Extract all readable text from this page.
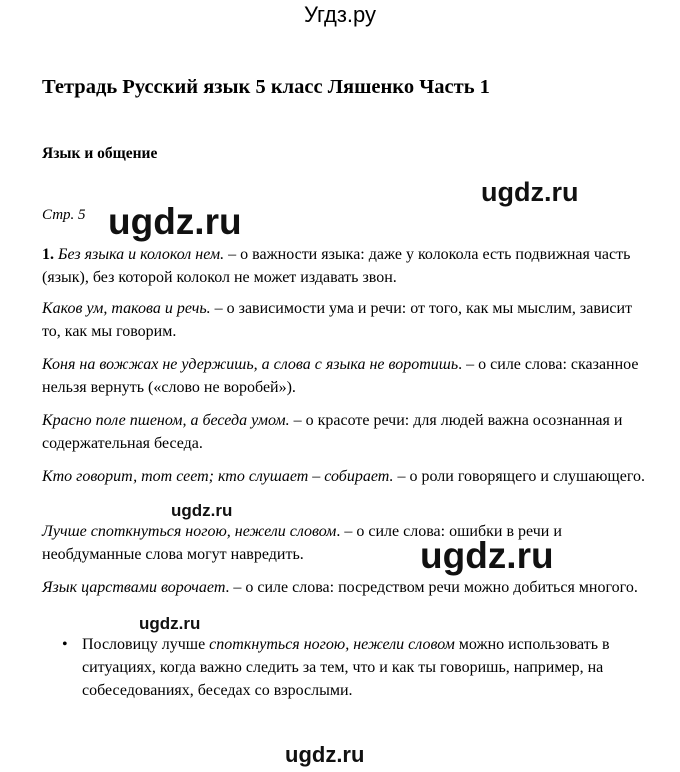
Угдз.ру
Тетрадь Русский язык 5 класс Ляшенко Часть 1
Язык и общение
ugdz.ru
ugdz.ru
Стр. 5

1. Без языка и колокол нем. – о важности языка: даже у колокола есть подвижная часть (язык), без которой колокол не может издавать звон.

Каков ум, такова и речь. – о зависимости ума и речи: от того, как мы мыслим, зависит то, как мы говорим.

Коня на вожжах не удержишь, а слова с языка не воротишь. – о силе слова: сказанное нельзя вернуть («слово не воробей»).

Красно поле пшеном, а беседа умом. – о красоте речи: для людей важна осознанная и содержательная беседа.

Кто говорит, тот сеет; кто слушает – собирает. – о роли говорящего и слушающего.

Лучше споткнуться ногою, нежели словом. – о силе слова: ошибки в речи и необдуманные слова могут навредить.

Язык царствами ворочает. – о силе слова: посредством речи можно добиться многого.

ugdz.ru
ugdz.ru
ugdz.ru
• Пословицу лучше споткнуться ногою, нежели словом можно использовать в ситуациях, когда важно следить за тем, что и как ты говоришь, например, на собеседованиях, беседах со взрослыми.

ugdz.ru
